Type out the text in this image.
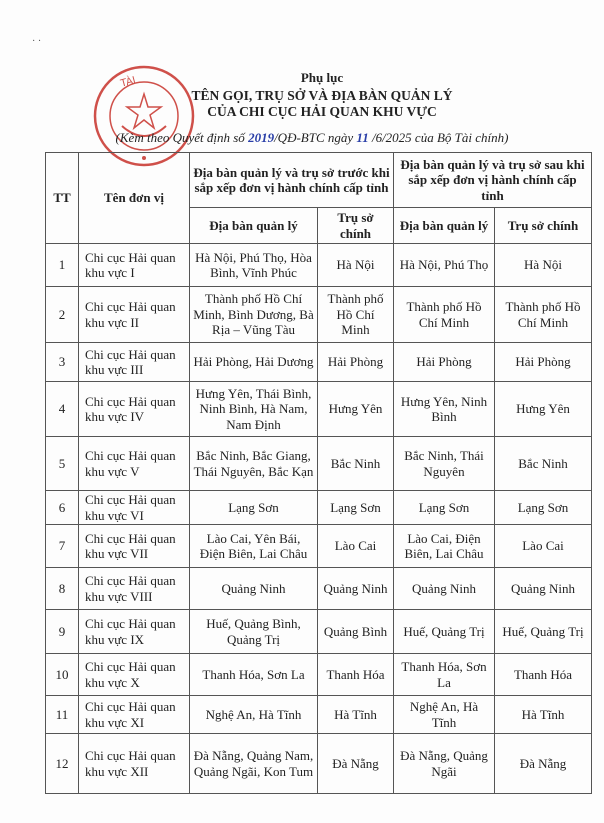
· ·
TÀI	Phụ lục
TÊN GỌI, TRỤ SỞ VÀ ĐỊA BÀN QUẢN LÝ
CỦA CHI CỤC HẢI QUAN KHU VỰC
(Kèm theo Quyết định số 2019/QĐ-BTC ngày 11 /6/2025 của Bộ Tài chính)
TT	Tên đơn vị	Địa bàn quản lý và trụ sở trước khi sắp xếp đơn vị hành chính cấp tỉnh		Địa bàn quản lý và trụ sở sau khi sắp xếp đơn vị hành chính cấp tỉnh	
		Địa bàn quản lý	Trụ sở chính	Địa bàn quản lý	Trụ sở chính
1	Chi cục Hải quan khu vực I	Hà Nội, Phú Thọ, Hòa Bình, Vĩnh Phúc	Hà Nội	Hà Nội, Phú Thọ	Hà Nội
2	Chi cục Hải quan khu vực II	Thành phố Hồ Chí Minh, Bình Dương, Bà Rịa – Vũng Tàu	Thành phố Hồ Chí Minh	Thành phố Hồ Chí Minh	Thành phố Hồ Chí Minh
3	Chi cục Hải quan khu vực III	Hải Phòng, Hải Dương	Hải Phòng	Hải Phòng	Hải Phòng
4	Chi cục Hải quan khu vực IV	Hưng Yên, Thái Bình, Ninh Bình, Hà Nam, Nam Định	Hưng Yên	Hưng Yên, Ninh Bình	Hưng Yên
5	Chi cục Hải quan khu vực V	Bắc Ninh, Bắc Giang, Thái Nguyên, Bắc Kạn	Bắc Ninh	Bắc Ninh, Thái Nguyên	Bắc Ninh
6	Chi cục Hải quan khu vực VI	Lạng Sơn	Lạng Sơn	Lạng Sơn	Lạng Sơn
7	Chi cục Hải quan khu vực VII	Lào Cai, Yên Bái, Điện Biên, Lai Châu	Lào Cai	Lào Cai, Điện Biên, Lai Châu	Lào Cai
8	Chi cục Hải quan khu vực VIII	Quảng Ninh	Quảng Ninh	Quảng Ninh	Quảng Ninh
9	Chi cục Hải quan khu vực IX	Huế, Quảng Bình, Quảng Trị	Quảng Bình	Huế, Quảng Trị	Huế, Quảng Trị
10	Chi cục Hải quan khu vực X	Thanh Hóa, Sơn La	Thanh Hóa	Thanh Hóa, Sơn La	Thanh Hóa
11	Chi cục Hải quan khu vực XI	Nghệ An, Hà Tĩnh	Hà Tĩnh	Nghệ An, Hà Tĩnh	Hà Tĩnh
12	Chi cục Hải quan khu vực XII	Đà Nẵng, Quảng Nam, Quảng Ngãi, Kon Tum	Đà Nẵng	Đà Nẵng, Quảng Ngãi	Đà Nẵng
